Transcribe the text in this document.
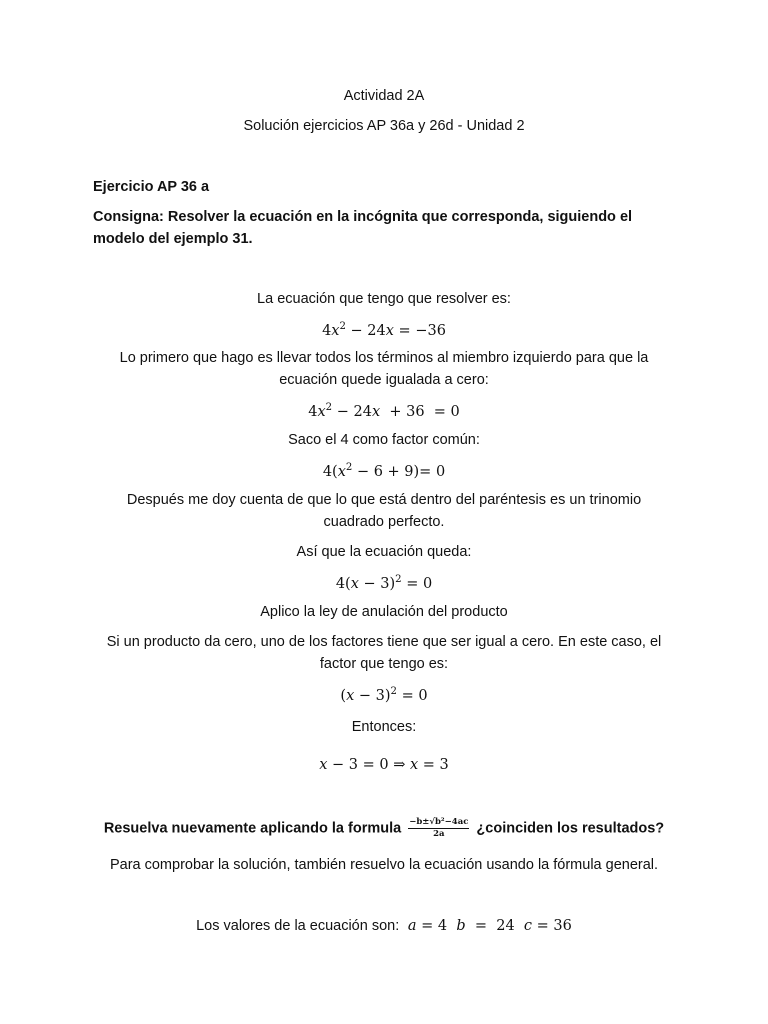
Actividad 2A
Solución ejercicios AP 36a y 26d - Unidad 2
Ejercicio AP 36 a
Consigna: Resolver la ecuación en la incógnita que corresponda, siguiendo el
modelo del ejemplo 31.
La ecuación que tengo que resolver es:
$4x^2 - 24x = -36$
Lo primero que hago es llevar todos los términos al miembro izquierdo para que la
ecuación quede igualada a cero:
$4x^2 - 24x + 36 = 0$
Saco el 4 como factor común:
$4(x^2 - 6 + 9)= 0$
Después me doy cuenta de que lo que está dentro del paréntesis es un trinomio
cuadrado perfecto.
Así que la ecuación queda:
$4(x - 3)^2 = 0$
Aplico la ley de anulación del producto
Si un producto da cero, uno de los factores tiene que ser igual a cero. En este caso, el
factor que tengo es:
$(x - 3)^2 = 0$
Entonces:
x − 3 = 0 ⇒ x = 3
Resuelva nuevamente aplicando la formula $\frac{\text{−b±√b²−4ac}}{2a}$ ¿coinciden los resultados?
Para comprobar la solución, también resuelvo la ecuación usando la fórmula general.
Los valores de la ecuación son: a = 4  b  =  24  c = 36
